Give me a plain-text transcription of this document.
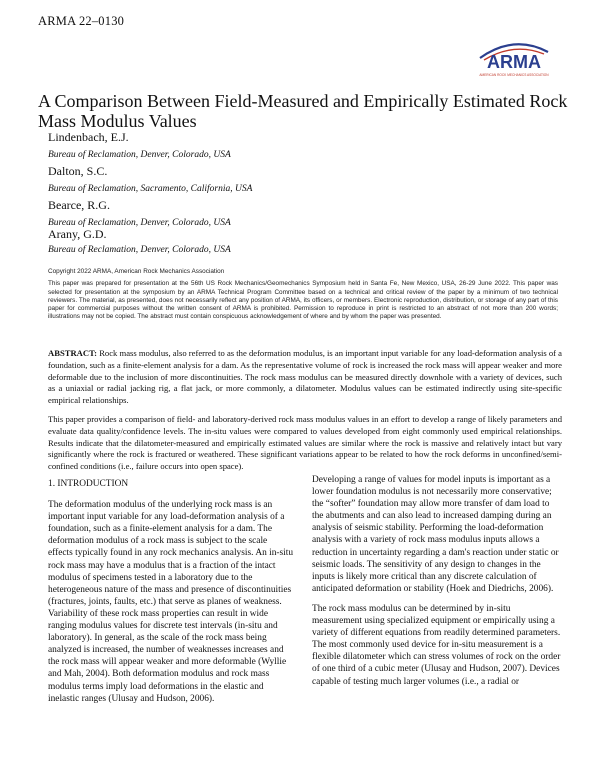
ARMA 22–0130
ARMA
AMERICAN ROCK MECHANICS ASSOCIATION
A Comparison Between Field-Measured and Empirically Estimated Rock Mass Modulus Values
Lindenbach, E.J.
Bureau of Reclamation, Denver, Colorado, USA
Dalton, S.C.
Bureau of Reclamation, Sacramento, California, USA
Bearce, R.G.
Bureau of Reclamation, Denver, Colorado, USA
Arany, G.D.
Bureau of Reclamation, Denver, Colorado, USA

Copyright 2022 ARMA, American Rock Mechanics Association

This paper was prepared for presentation at the 56th US Rock Mechanics/Geomechanics Symposium held in Santa Fe, New Mexico, USA, 26-29 June 2022. This paper was selected for presentation at the symposium by an ARMA Technical Program Committee based on a technical and critical review of the paper by a minimum of two technical reviewers. The material, as presented, does not necessarily reflect any position of ARMA, its officers, or members. Electronic reproduction, distribution, or storage of any part of this paper for commercial purposes without the written consent of ARMA is prohibited. Permission to reproduce in print is restricted to an abstract of not more than 200 words; illustrations may not be copied. The abstract must contain conspicuous acknowledgement of where and by whom the paper was presented.

ABSTRACT: Rock mass modulus, also referred to as the deformation modulus, is an important input variable for any load-deformation analysis of a foundation, such as a finite-element analysis for a dam. As the representative volume of rock is increased the rock mass will appear weaker and more deformable due to the inclusion of more discontinuities. The rock mass modulus can be measured directly downhole with a variety of devices, such as a uniaxial or radial jacking rig, a flat jack, or more commonly, a dilatometer. Modulus values can be estimated indirectly using site-specific empirical relationships.

This paper provides a comparison of field- and laboratory-derived rock mass modulus values in an effort to develop a range of likely parameters and evaluate data quality/confidence levels. The in-situ values were compared to values developed from eight commonly used empirical relationships. Results indicate that the dilatometer-measured and empirically estimated values are similar where the rock is massive and relatively intact but vary significantly where the rock is fractured or weathered. These significant variations appear to be related to how the rock deforms in unconfined/semi-confined conditions (i.e., failure occurs into open space).

1. INTRODUCTION

The deformation modulus of the underlying rock mass is an important input variable for any load-deformation analysis of a foundation, such as a finite-element analysis for a dam. The deformation modulus of a rock mass is subject to the scale effects typically found in any rock mechanics analysis. An in-situ rock mass may have a modulus that is a fraction of the intact modulus of specimens tested in a laboratory due to the heterogeneous nature of the mass and presence of discontinuities (fractures, joints, faults, etc.) that serve as planes of weakness. Variability of these rock mass properties can result in wide ranging modulus values for discrete test intervals (in-situ and laboratory). In general, as the scale of the rock mass being analyzed is increased, the number of weaknesses increases and the rock mass will appear weaker and more deformable (Wyllie and Mah, 2004). Both deformation modulus and rock mass modulus terms imply load deformations in the elastic and inelastic ranges (Ulusay and Hudson, 2006).

Developing a range of values for model inputs is important as a lower foundation modulus is not necessarily more conservative; the “softer” foundation may allow more transfer of dam load to the abutments and can also lead to increased damping during an analysis of seismic stability. Performing the load-deformation analysis with a variety of rock mass modulus inputs allows a reduction in uncertainty regarding a dam's reaction under static or seismic loads. The sensitivity of any design to changes in the inputs is likely more critical than any discrete calculation of anticipated deformation or stability (Hoek and Diedrichs, 2006).

The rock mass modulus can be determined by in-situ measurement using specialized equipment or empirically using a variety of different equations from readily determined parameters. The most commonly used device for in-situ measurement is a flexible dilatometer which can stress volumes of rock on the order of one third of a cubic meter (Ulusay and Hudson, 2007). Devices capable of testing much larger volumes (i.e., a radial or
